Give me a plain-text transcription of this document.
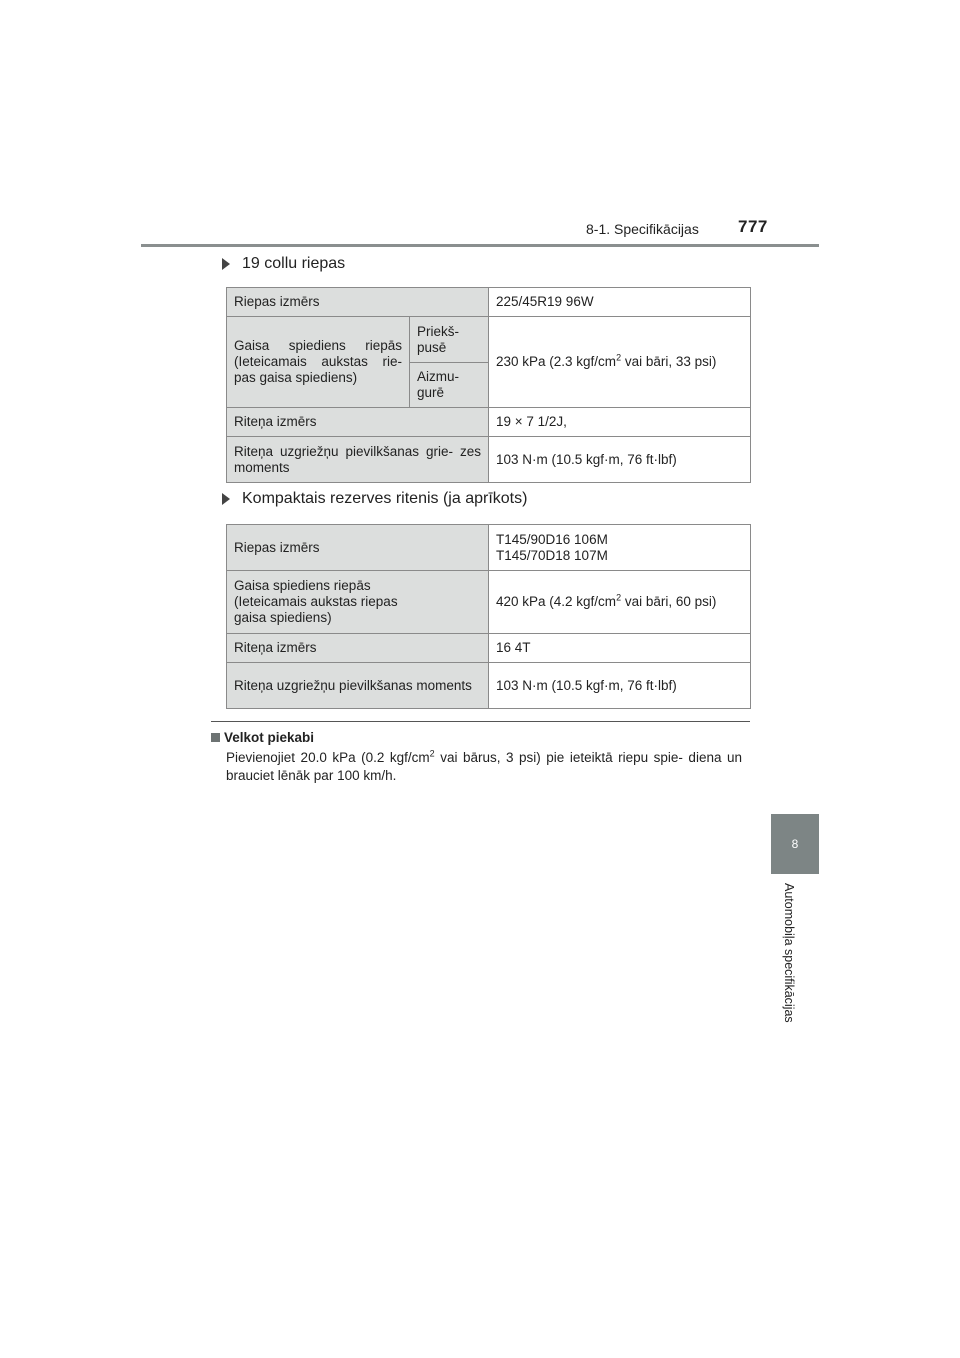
8-1. Specifikācijas 777
8
Automobiļa specifikācijas
19 collu riepas
Riepas izmērs		225/45R19 96W
Gaisa spiediens riepās (Ieteicamais aukstas rie- pas gaisa spiediens)	Priekš- pusē	230 kPa (2.3 kgf/$cm^2$ vai bāri, 33 psi)
	Aizmu- gurē	
Riteņa izmērs		19 × 7 1/2J,
Riteņa uzgriežņu pievilkšanas grie- zes moments		103 N·m (10.5 kgf·m, 76 ft·lbf)
Kompaktais rezerves ritenis (ja aprīkots)
Riepas izmērs	T145/90D16 106M
T145/70D18 107M

Gaisa spiediens riepās
(Ieteicamais aukstas riepas
gaisa spiediens)	420 kPa (4.2 kgf/$cm^2$ vai bāri, 60 psi)
Riteņa izmērs	16 4T
Riteņa uzgriežņu pievilkšanas moments	103 N·m (10.5 kgf·m, 76 ft·lbf)
Velkot piekabi
Pievienojiet 20.0 kPa (0.2 kgf/$cm^2$ vai bārus, 3 psi) pie ieteiktā riepu spie- diena un brauciet lēnāk par 100 km/h.
